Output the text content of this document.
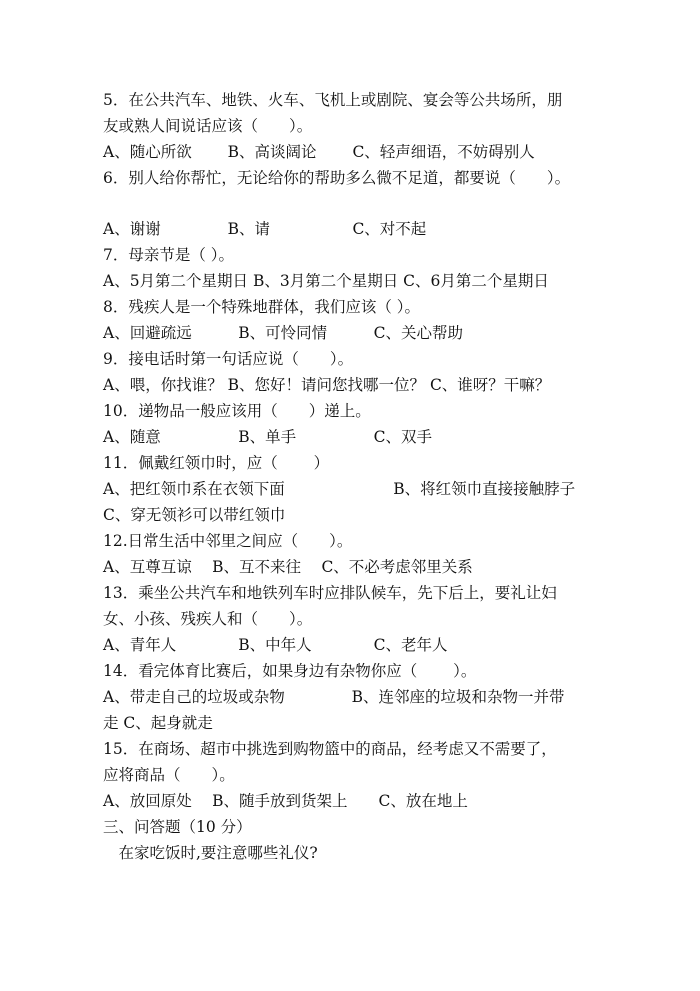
5．在公共汽车、地铁、火车、飞机上或剧院、宴会等公共场所，朋

友或熟人间说话应该（　　）。

A、随心所欲　　 B、高谈阔论　　 C、轻声细语，不妨碍别人

6．别人给你帮忙，无论给你的帮助多么微不足道，都要说（　　）。

A、谢谢　　　　 B、请　　　　　 C、对不起

7．母亲节是（ ）。

A、5月第二个星期日 B、3月第二个星期日 C、6月第二个星期日

8．残疾人是一个特殊地群体，我们应该（ ）。

A、回避疏远　　　B、可怜同情　　　C、关心帮助

9．接电话时第一句话应说（　　）。

A、喂，你找谁？ B、您好！请问您找哪一位？ C、谁呀？干嘛？

10．递物品一般应该用（　　）递上。

A、随意　　　　　B、单手　　　　　C、双手

11．佩戴红领巾时，应（　　 ）

A、把红领巾系在衣领下面　　　　　　　B、将红领巾直接接触脖子

C、穿无领衫可以带红领巾

12.日常生活中邻里之间应（　　）。

A、互尊互谅　 B、互不来往　 C、不必考虑邻里关系

13．乘坐公共汽车和地铁列车时应排队候车，先下后上，要礼让妇

女、小孩、残疾人和（　　）。

A、青年人　　　　B、中年人　　　　C、老年人

14．看完体育比赛后，如果身边有杂物你应（　　 ）。

A、带走自己的垃圾或杂物　　　　 B、连邻座的垃圾和杂物一并带

走 C、起身就走

15．在商场、超市中挑选到购物篮中的商品，经考虑又不需要了，

应将商品（　　）。

A、放回原处　 B、随手放到货架上　　C、放在地上

三、问答题（10 分）

　在家吃饭时,要注意哪些礼仪?
